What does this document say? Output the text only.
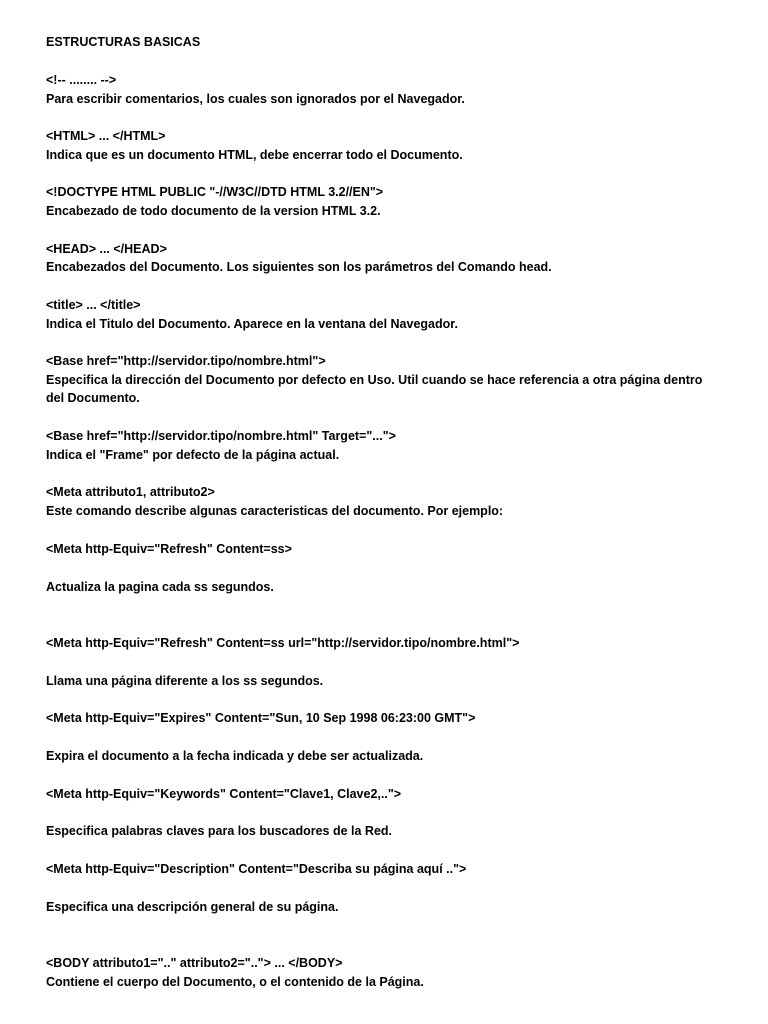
ESTRUCTURAS BASICAS
<!-- ........ -->
Para escribir comentarios, los cuales son ignorados por el Navegador.
<HTML> ... </HTML>
Indica que es un documento HTML, debe encerrar todo el Documento.
<!DOCTYPE HTML PUBLIC "-//W3C//DTD HTML 3.2//EN">
Encabezado de todo documento de la version HTML 3.2.
<HEAD> ... </HEAD>
Encabezados del Documento. Los siguientes son los parámetros del Comando head.
<title> ... </title>
Indica el Titulo del Documento. Aparece en la ventana del Navegador.
<Base href="http://servidor.tipo/nombre.html">
Especifica la dirección del Documento por defecto en Uso. Util cuando se hace referencia a otra página dentro
del Documento.
<Base href="http://servidor.tipo/nombre.html" Target="...">
Indica el "Frame" por defecto de la página actual.
<Meta attributo1, attributo2>
Este comando describe algunas caracteristicas del documento. Por ejemplo:
<Meta http-Equiv="Refresh" Content=ss>
Actualiza la pagina cada ss segundos.
<Meta http-Equiv="Refresh" Content=ss url="http://servidor.tipo/nombre.html">
Llama una página diferente a los ss segundos.
<Meta http-Equiv="Expires" Content="Sun, 10 Sep 1998 06:23:00 GMT">
Expira el documento a la fecha indicada y debe ser actualizada.
<Meta http-Equiv="Keywords" Content="Clave1, Clave2,..">
Especifica palabras claves para los buscadores de la Red.
<Meta http-Equiv="Description" Content="Describa su página aquí ..">
Especifica una descripción general de su página.
<BODY attributo1=".." attributo2=".."> ... </BODY>
Contiene el cuerpo del Documento, o el contenido de la Página.
